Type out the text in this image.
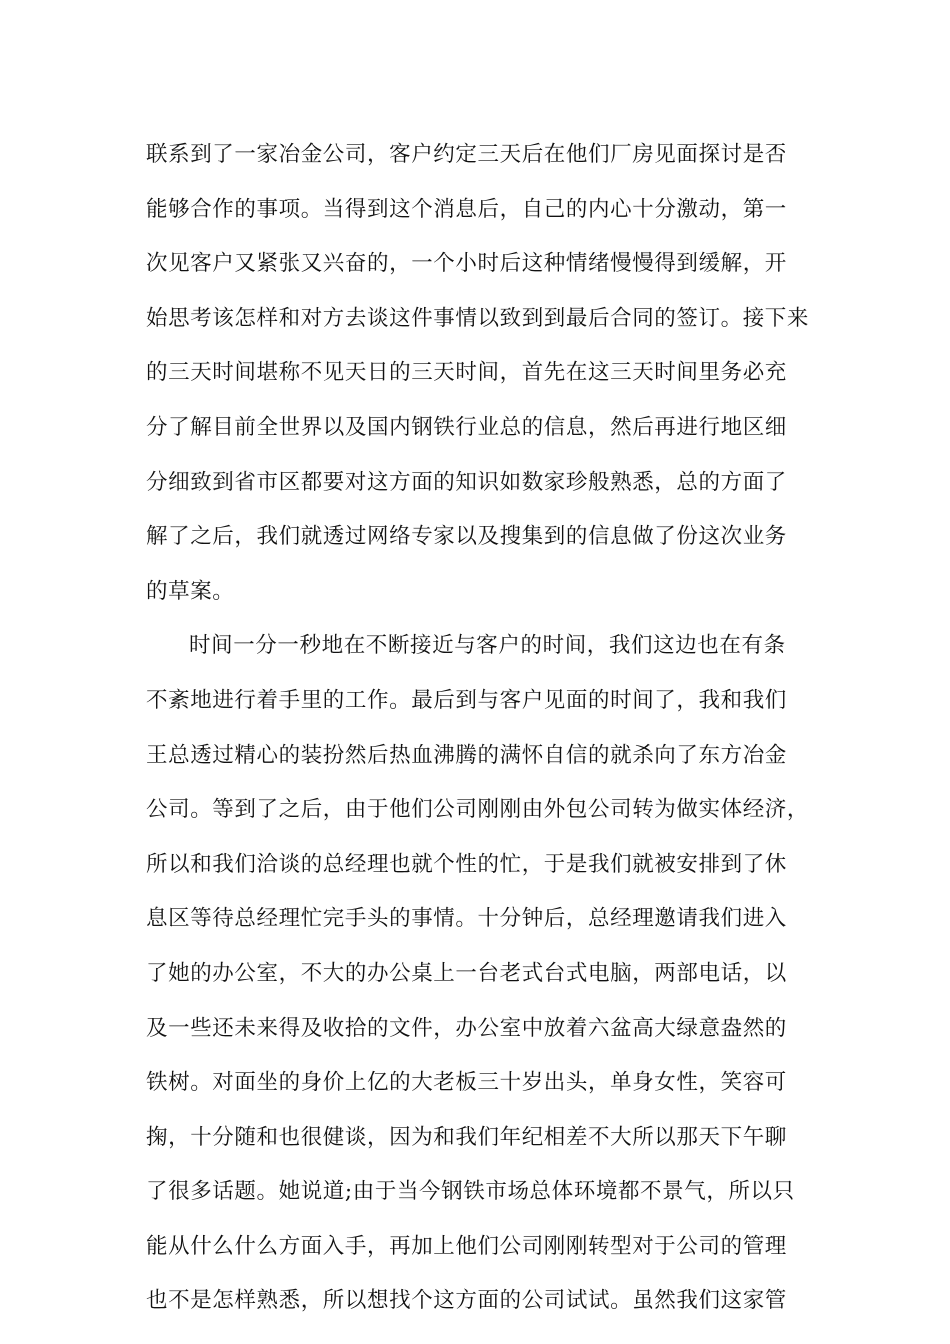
联系到了一家冶金公司，客户约定三天后在他们厂房见面探讨是否
能够合作的事项。当得到这个消息后，自己的内心十分激动，第一
次见客户又紧张又兴奋的，一个小时后这种情绪慢慢得到缓解，开
始思考该怎样和对方去谈这件事情以致到到最后合同的签订。接下来
的三天时间堪称不见天日的三天时间，首先在这三天时间里务必充
分了解目前全世界以及国内钢铁行业总的信息，然后再进行地区细
分细致到省市区都要对这方面的知识如数家珍般熟悉，总的方面了
解了之后，我们就透过网络专家以及搜集到的信息做了份这次业务
的草案。
时间一分一秒地在不断接近与客户的时间，我们这边也在有条
不紊地进行着手里的工作。最后到与客户见面的时间了，我和我们
王总透过精心的装扮然后热血沸腾的满怀自信的就杀向了东方冶金
公司。等到了之后，由于他们公司刚刚由外包公司转为做实体经济，
所以和我们洽谈的总经理也就个性的忙，于是我们就被安排到了休
息区等待总经理忙完手头的事情。十分钟后，总经理邀请我们进入
了她的办公室，不大的办公桌上一台老式台式电脑，两部电话，以
及一些还未来得及收拾的文件，办公室中放着六盆高大绿意盎然的
铁树。对面坐的身价上亿的大老板三十岁出头，单身女性，笑容可
掬，十分随和也很健谈，因为和我们年纪相差不大所以那天下午聊
了很多话题。她说道;由于当今钢铁市场总体环境都不景气，所以只
能从什么什么方面入手，再加上他们公司刚刚转型对于公司的管理
也不是怎样熟悉，所以想找个这方面的公司试试。虽然我们这家管
